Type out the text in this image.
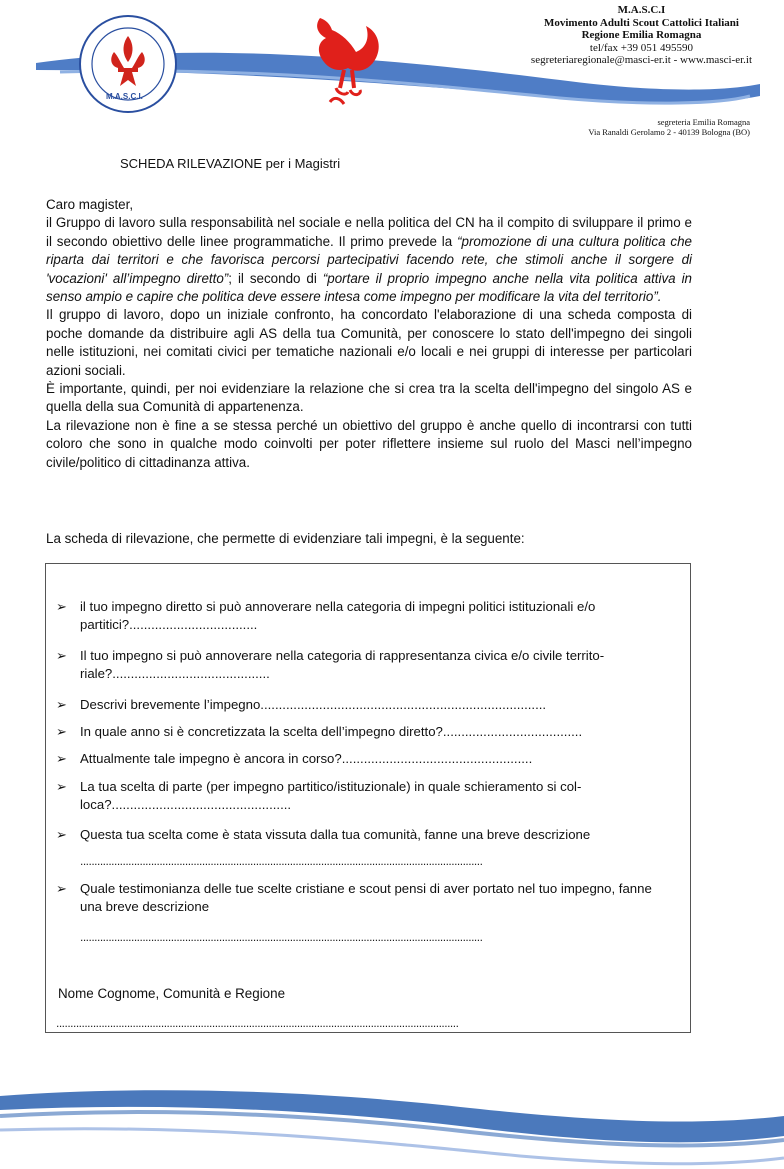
M.A.S.C.I.
M.A.S.C.I
Movimento Adulti Scout Cattolici Italiani
Regione Emilia Romagna
tel/fax +39 051 495590
segreteriaregionale@masci-er.it - www.masci-er.it
segreteria Emilia Romagna
Via Ranaldi Gerolamo 2 - 40139 Bologna (BO)
SCHEDA RILEVAZIONE per i Magistri

Caro magister,

il Gruppo di lavoro sulla responsabilità nel sociale e nella politica del CN ha il compito di sviluppare il primo e il secondo obiettivo delle linee programmatiche. Il primo prevede la “promozione di una cultura politica che riparta dai territori e che favorisca percorsi partecipativi facendo rete, che stimoli anche il sorgere di 'vocazioni' all’impegno diretto”; il secondo di “portare il proprio impegno anche nella vita politica attiva in senso ampio e capire che politica deve essere intesa come impegno per modificare la vita del territorio”.

Il gruppo di lavoro, dopo un iniziale confronto, ha concordato l'elaborazione di una scheda composta di poche domande da distribuire agli AS della tua Comunità, per conoscere lo stato dell'impegno dei singoli nelle istituzioni, nei comitati civici per tematiche nazionali e/o locali e nei gruppi di interesse per particolari azioni sociali.

È importante, quindi, per noi evidenziare la relazione che si crea tra la scelta dell'impegno del singolo AS e quella della sua Comunità di appartenenza.

La rilevazione non è fine a se stessa perché un obiettivo del gruppo è anche quello di incontrarsi con tutti coloro che sono in qualche modo coinvolti per poter riflettere insieme sul ruolo del Masci nell’impegno civile/politico di cittadinanza attiva.

La scheda di rilevazione, che permette di evidenziare tali impegni, è la seguente:
➢ il tuo impegno diretto si può annoverare nella categoria di impegni politici istituzionali e/o partitici?...................................
➢ Il tuo impegno si può annoverare nella categoria di rappresentanza civica e/o civile territo-riale?...........................................
➢ Descrivi brevemente l’impegno..............................................................................
➢ In quale anno si è concretizzata la scelta dell’impegno diretto?......................................
➢ Attualmente tale impegno è ancora in corso?....................................................
➢ La tua scelta di parte (per impegno partitico/istituzionale) in quale schieramento si col-loca?.................................................
➢ Questa tua scelta come è stata vissuta dalla tua comunità, fanne una breve descrizione
..............................................................................................................................................
➢ Quale testimonianza delle tue scelte cristiane e scout pensi di aver portato nel tuo impegno, fanne una breve descrizione
..............................................................................................................................................
Nome Cognome, Comunità e Regione
..............................................................................................................................................
